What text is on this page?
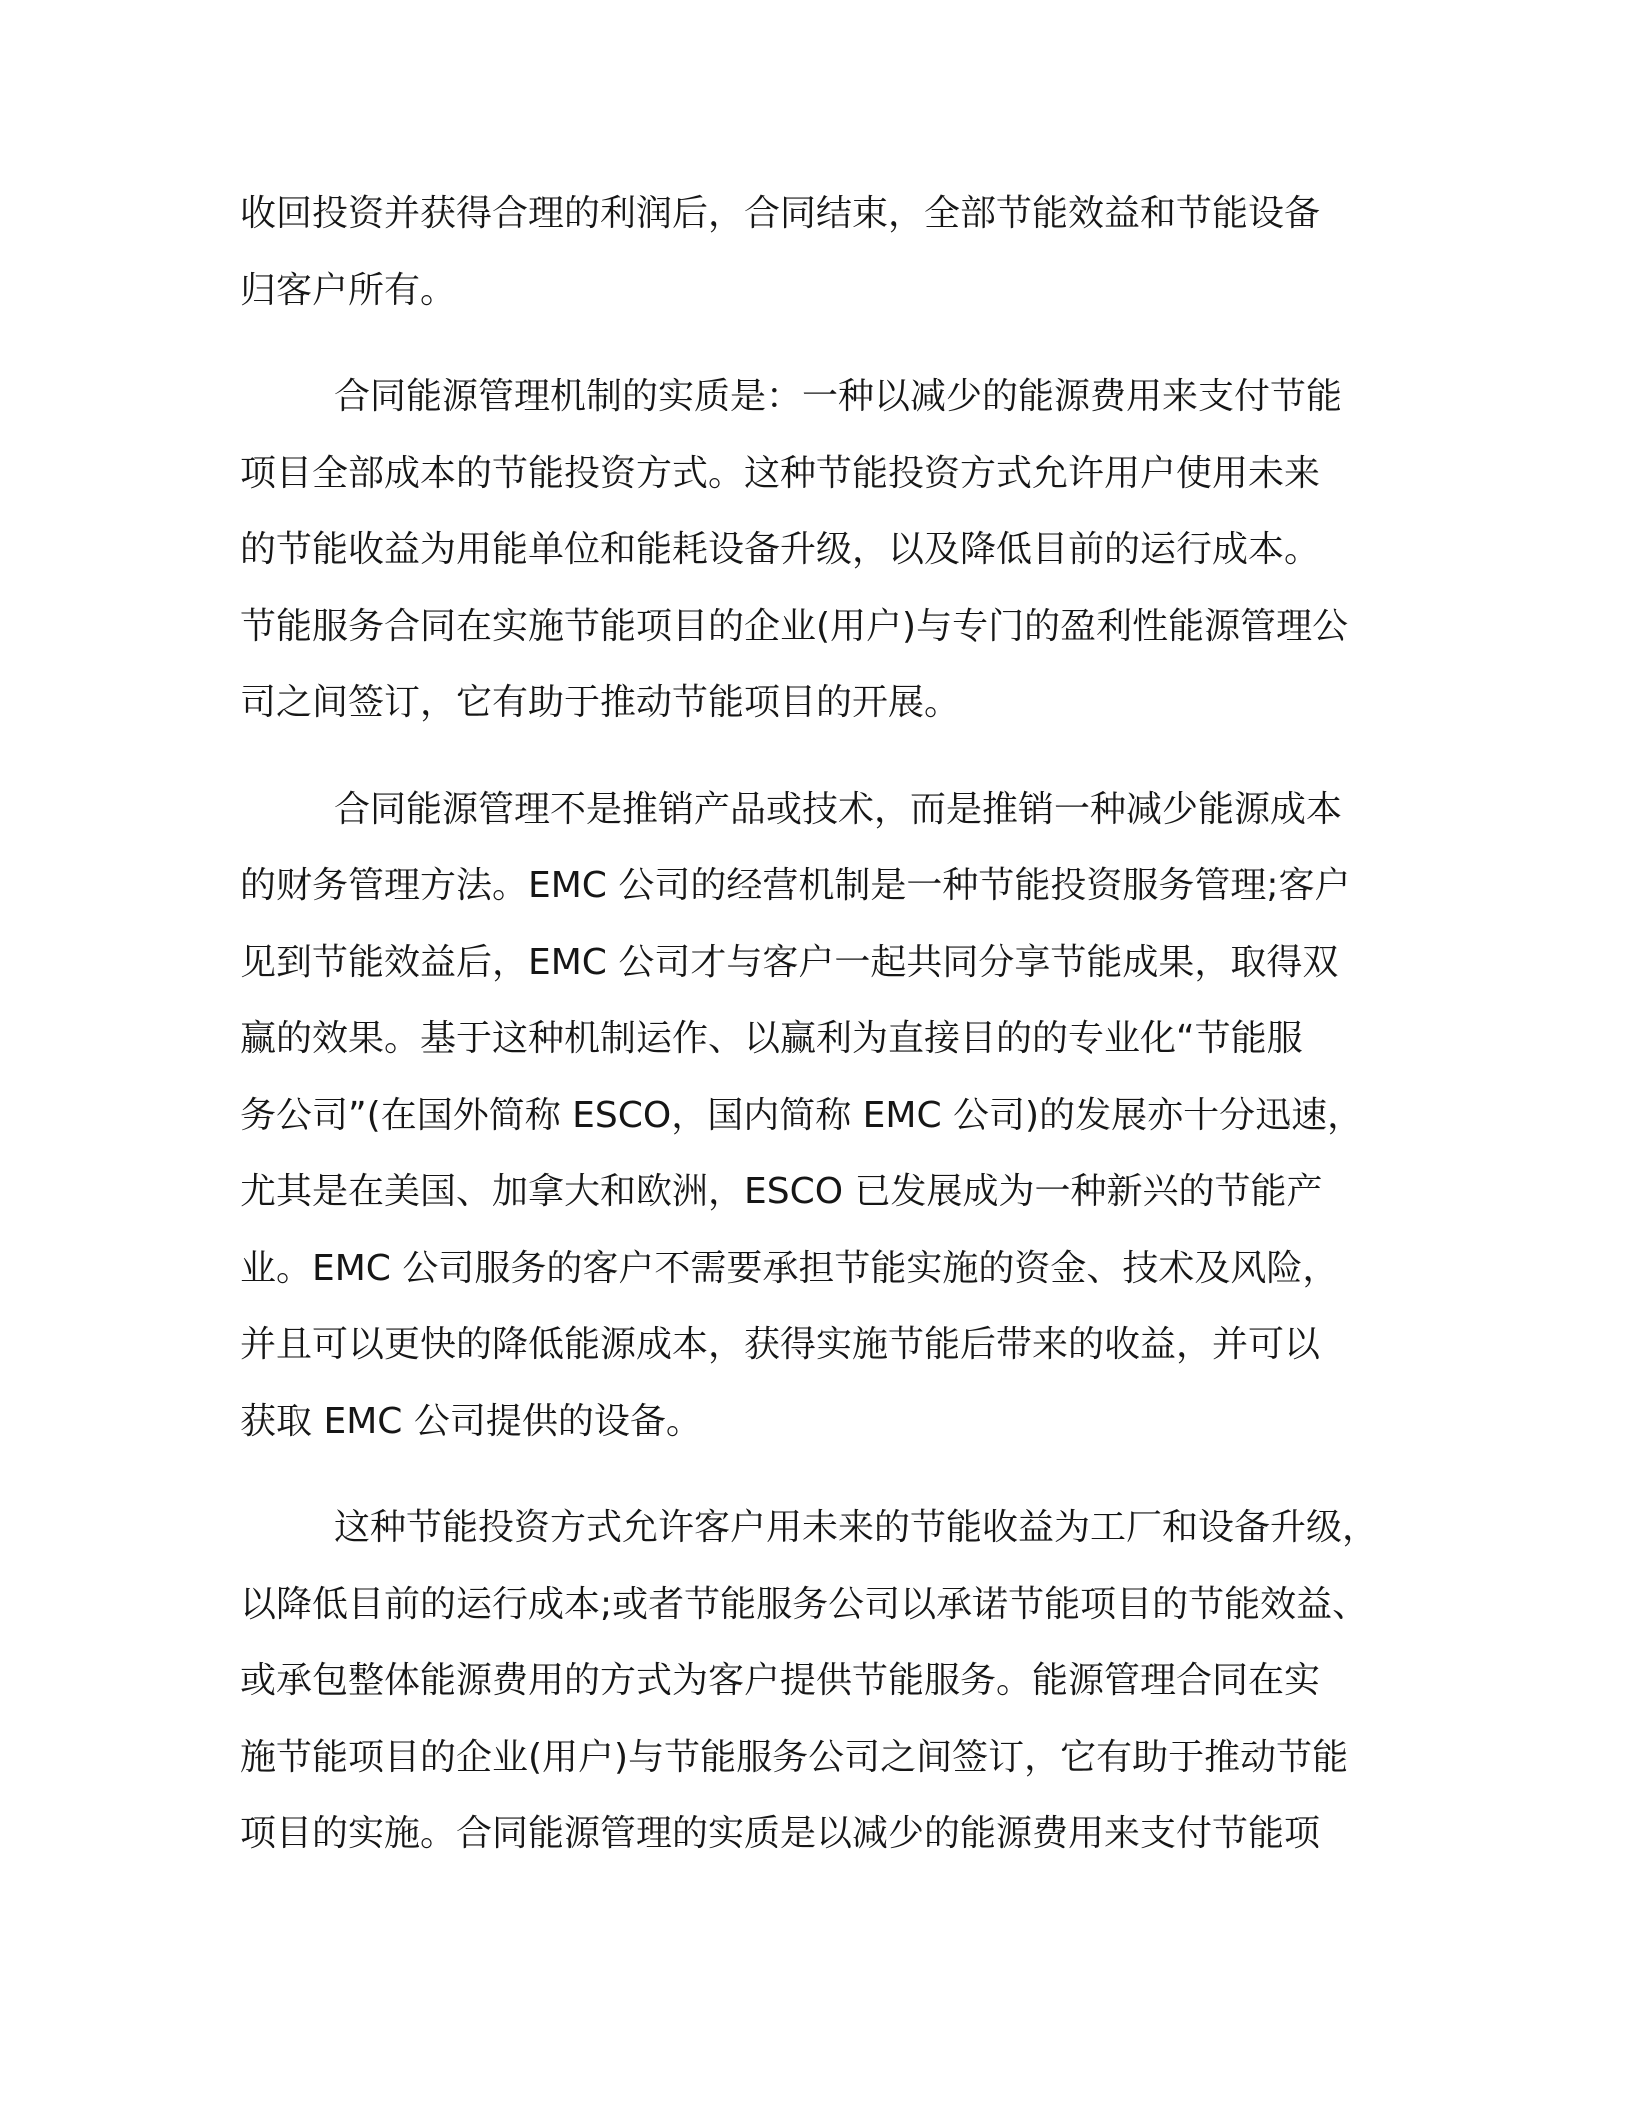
收回投资并获得合理的利润后，合同结束，全部节能效益和节能设备
归客户所有。
合同能源管理机制的实质是：一种以减少的能源费用来支付节能
项目全部成本的节能投资方式。这种节能投资方式允许用户使用未来
的节能收益为用能单位和能耗设备升级，以及降低目前的运行成本。
节能服务合同在实施节能项目的企业(用户)与专门的盈利性能源管理公
司之间签订，它有助于推动节能项目的开展。
合同能源管理不是推销产品或技术，而是推销一种减少能源成本
的财务管理方法。EMC 公司的经营机制是一种节能投资服务管理;客户
见到节能效益后，EMC 公司才与客户一起共同分享节能成果，取得双
赢的效果。基于这种机制运作、以赢利为直接目的的专业化“节能服
务公司”(在国外简称 ESCO，国内简称 EMC 公司)的发展亦十分迅速，
尤其是在美国、加拿大和欧洲，ESCO 已发展成为一种新兴的节能产
业。EMC 公司服务的客户不需要承担节能实施的资金、技术及风险，
并且可以更快的降低能源成本，获得实施节能后带来的收益，并可以
获取 EMC 公司提供的设备。
这种节能投资方式允许客户用未来的节能收益为工厂和设备升级，
以降低目前的运行成本;或者节能服务公司以承诺节能项目的节能效益、
或承包整体能源费用的方式为客户提供节能服务。能源管理合同在实
施节能项目的企业(用户)与节能服务公司之间签订，它有助于推动节能
项目的实施。合同能源管理的实质是以减少的能源费用来支付节能项
